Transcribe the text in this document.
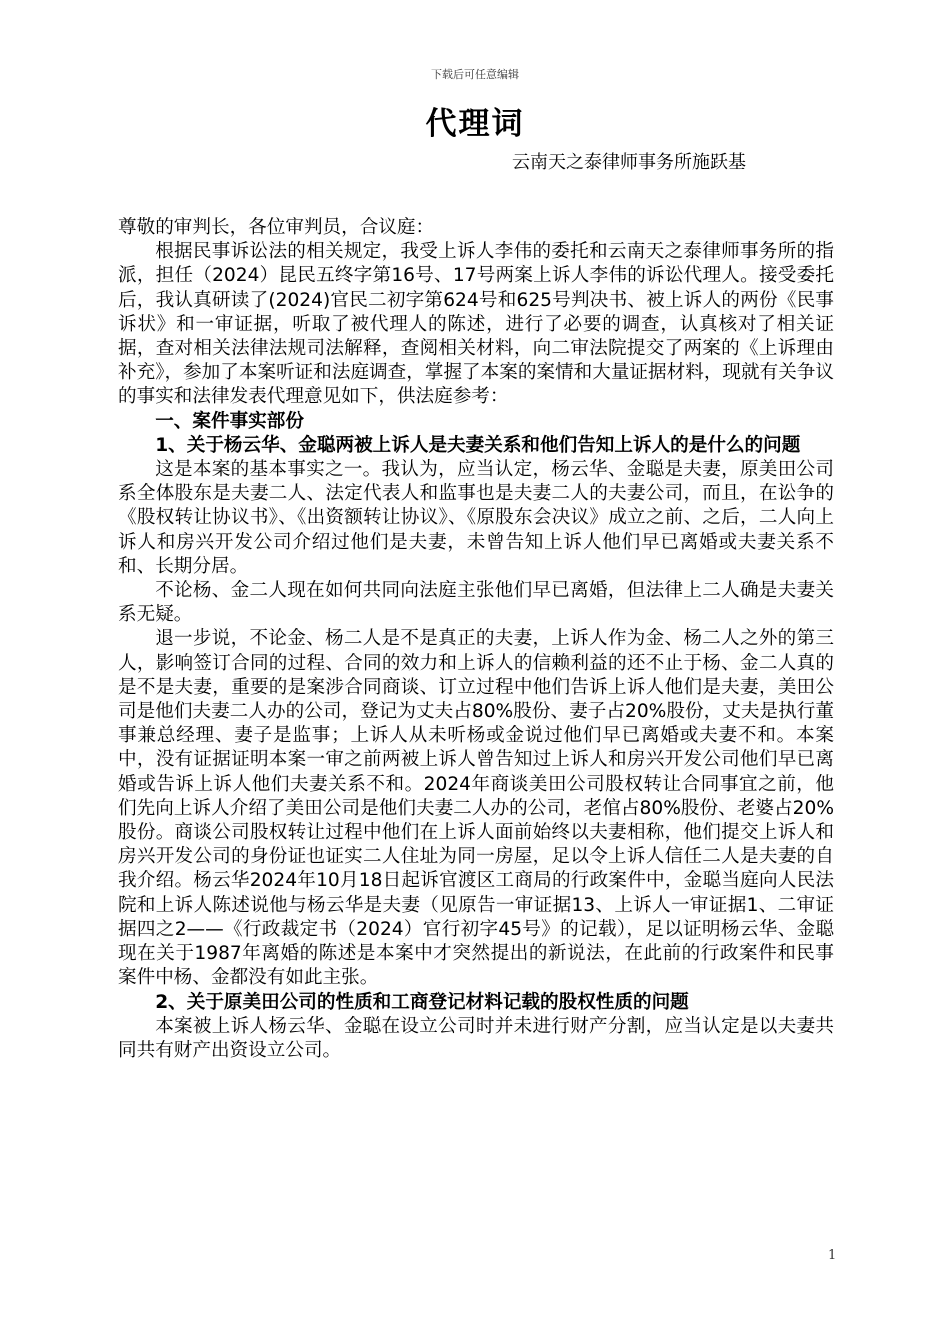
下载后可任意编辑
代理词
云南天之泰律师事务所施跃基

尊敬的审判长，各位审判员，合议庭：

根据民事诉讼法的相关规定，我受上诉人李伟的委托和云南天之泰律师事务所的指派，担任（2024）昆民五终字第16号、17号两案上诉人李伟的诉讼代理人。接受委托后，我认真研读了(2024)官民二初字第624号和625号判决书、被上诉人的两份《民事诉状》和一审证据，听取了被代理人的陈述，进行了必要的调查，认真核对了相关证据，查对相关法律法规司法解释，查阅相关材料，向二审法院提交了两案的《上诉理由补充》，参加了本案听证和法庭调查，掌握了本案的案情和大量证据材料，现就有关争议的事实和法律发表代理意见如下，供法庭参考：

一、案件事实部份

1、关于杨云华、金聪两被上诉人是夫妻关系和他们告知上诉人的是什么的问题

这是本案的基本事实之一。我认为，应当认定，杨云华、金聪是夫妻，原美田公司系全体股东是夫妻二人、法定代表人和监事也是夫妻二人的夫妻公司，而且，在讼争的《股权转让协议书》、《出资额转让协议》、《原股东会决议》成立之前、之后，二人向上诉人和房兴开发公司介绍过他们是夫妻，未曾告知上诉人他们早已离婚或夫妻关系不和、长期分居。

不论杨、金二人现在如何共同向法庭主张他们早已离婚，但法律上二人确是夫妻关系无疑。

退一步说，不论金、杨二人是不是真正的夫妻，上诉人作为金、杨二人之外的第三人，影响签订合同的过程、合同的效力和上诉人的信赖利益的还不止于杨、金二人真的是不是夫妻，重要的是案涉合同商谈、订立过程中他们告诉上诉人他们是夫妻，美田公司是他们夫妻二人办的公司，登记为丈夫占80%股份、妻子占20%股份，丈夫是执行董事兼总经理、妻子是监事；上诉人从未听杨或金说过他们早已离婚或夫妻不和。本案中，没有证据证明本案一审之前两被上诉人曾告知过上诉人和房兴开发公司他们早已离婚或告诉上诉人他们夫妻关系不和。2024年商谈美田公司股权转让合同事宜之前，他们先向上诉人介绍了美田公司是他们夫妻二人办的公司，老倌占80%股份、老婆占20%股份。商谈公司股权转让过程中他们在上诉人面前始终以夫妻相称，他们提交上诉人和房兴开发公司的身份证也证实二人住址为同一房屋，足以令上诉人信任二人是夫妻的自我介绍。杨云华2024年10月18日起诉官渡区工商局的行政案件中，金聪当庭向人民法院和上诉人陈述说他与杨云华是夫妻（见原告一审证据13、上诉人一审证据1、二审证据四之2——《行政裁定书（2024）官行初字45号》的记载），足以证明杨云华、金聪现在关于1987年离婚的陈述是本案中才突然提出的新说法，在此前的行政案件和民事案件中杨、金都没有如此主张。

2、关于原美田公司的性质和工商登记材料记载的股权性质的问题

本案被上诉人杨云华、金聪在设立公司时并未进行财产分割，应当认定是以夫妻共同共有财产出资设立公司。

1
